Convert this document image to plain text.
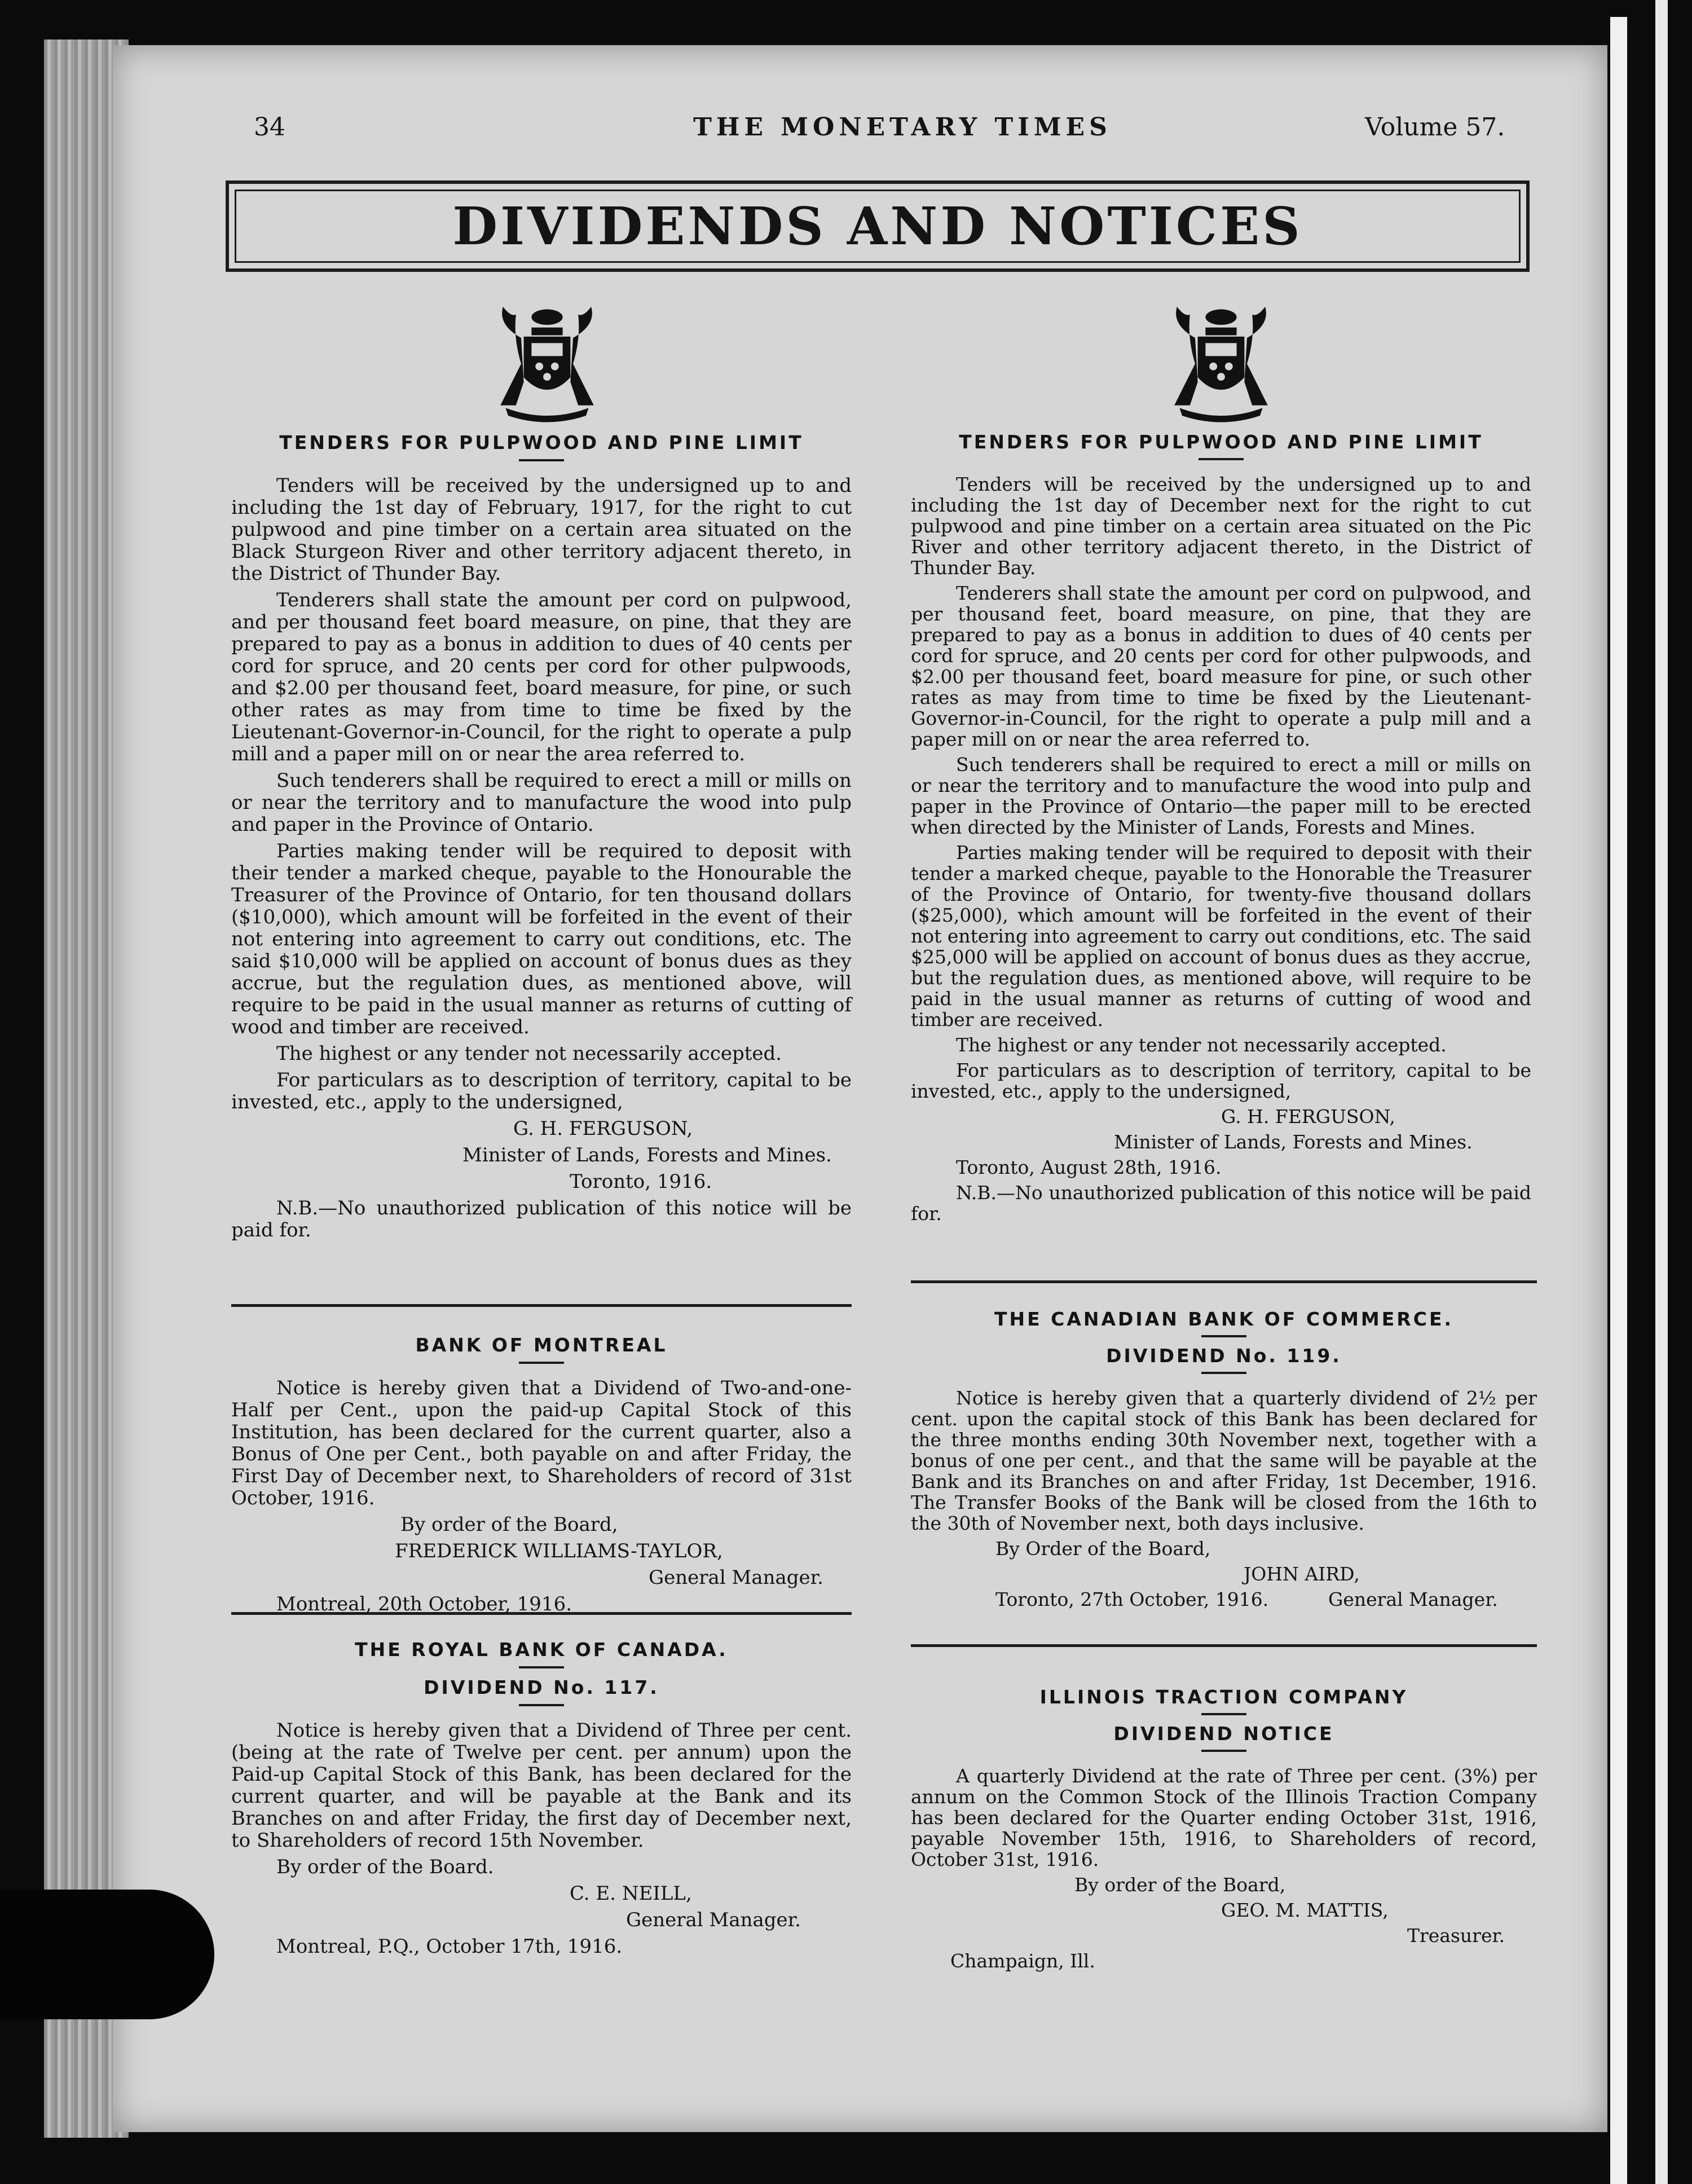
34	THE MONETARY TIMES	Volume 57.
DIVIDENDS AND NOTICES

TENDERS FOR PULPWOOD AND PINE LIMIT

Tenders will be received by the undersigned up to and including the 1st day of February, 1917, for the right to cut pulpwood and pine timber on a certain area situated on the Black Sturgeon River and other territory adjacent thereto, in the District of Thunder Bay.

Tenderers shall state the amount per cord on pulpwood, and per thousand feet board measure, on pine, that they are prepared to pay as a bonus in addition to dues of 40 cents per cord for spruce, and 20 cents per cord for other pulpwoods, and $2.00 per thousand feet, board measure, for pine, or such other rates as may from time to time be fixed by the Lieutenant-Governor-in-Council, for the right to operate a pulp mill and a paper mill on or near the area referred to.

Such tenderers shall be required to erect a mill or mills on or near the territory and to manufacture the wood into pulp and paper in the Province of Ontario.

Parties making tender will be required to deposit with their tender a marked cheque, payable to the Honourable the Treasurer of the Province of Ontario, for ten thousand dollars ($10,000), which amount will be forfeited in the event of their not entering into agreement to carry out conditions, etc. The said $10,000 will be applied on account of bonus dues as they accrue, but the regulation dues, as mentioned above, will require to be paid in the usual manner as returns of cutting of wood and timber are received.

The highest or any tender not necessarily accepted.

For particulars as to description of territory, capital to be invested, etc., apply to the undersigned,

G. H. FERGUSON,

Minister of Lands, Forests and Mines.

Toronto, 1916.

N.B.—No unauthorized publication of this notice will be paid for.

TENDERS FOR PULPWOOD AND PINE LIMIT

Tenders will be received by the undersigned up to and including the 1st day of December next for the right to cut pulpwood and pine timber on a certain area situated on the Pic River and other territory adjacent thereto, in the District of Thunder Bay.

Tenderers shall state the amount per cord on pulpwood, and per thousand feet, board measure, on pine, that they are prepared to pay as a bonus in addition to dues of 40 cents per cord for spruce, and 20 cents per cord for other pulpwoods, and $2.00 per thousand feet, board measure for pine, or such other rates as may from time to time be fixed by the Lieutenant-Governor-in-Council, for the right to operate a pulp mill and a paper mill on or near the area referred to.

Such tenderers shall be required to erect a mill or mills on or near the territory and to manufacture the wood into pulp and paper in the Province of Ontario—the paper mill to be erected when directed by the Minister of Lands, Forests and Mines.

Parties making tender will be required to deposit with their tender a marked cheque, payable to the Honorable the Treasurer of the Province of Ontario, for twenty-five thousand dollars ($25,000), which amount will be forfeited in the event of their not entering into agreement to carry out conditions, etc. The said $25,000 will be applied on account of bonus dues as they accrue, but the regulation dues, as mentioned above, will require to be paid in the usual manner as returns of cutting of wood and timber are received.

The highest or any tender not necessarily accepted.

For particulars as to description of territory, capital to be invested, etc., apply to the undersigned,

G. H. FERGUSON,

Minister of Lands, Forests and Mines.

Toronto, August 28th, 1916.

N.B.—No unauthorized publication of this notice will be paid for.

BANK OF MONTREAL

Notice is hereby given that a Dividend of Two-and-one-Half per Cent., upon the paid-up Capital Stock of this Institution, has been declared for the current quarter, also a Bonus of One per Cent., both payable on and after Friday, the First Day of December next, to Shareholders of record of 31st October, 1916.

By order of the Board,

FREDERICK WILLIAMS-TAYLOR,

General Manager.

Montreal, 20th October, 1916.

THE ROYAL BANK OF CANADA.

DIVIDEND No. 117.

Notice is hereby given that a Dividend of Three per cent. (being at the rate of Twelve per cent. per annum) upon the Paid-up Capital Stock of this Bank, has been declared for the current quarter, and will be payable at the Bank and its Branches on and after Friday, the first day of December next, to Shareholders of record 15th November.

By order of the Board.

C. E. NEILL,

General Manager.

Montreal, P.Q., October 17th, 1916.

THE CANADIAN BANK OF COMMERCE.

DIVIDEND No. 119.

Notice is hereby given that a quarterly dividend of 2½ per cent. upon the capital stock of this Bank has been declared for the three months ending 30th November next, together with a bonus of one per cent., and that the same will be payable at the Bank and its Branches on and after Friday, 1st December, 1916. The Transfer Books of the Bank will be closed from the 16th to the 30th of November next, both days inclusive.

By Order of the Board,

JOHN AIRD,

Toronto, 27th October, 1916.	General Manager.

ILLINOIS TRACTION COMPANY

DIVIDEND NOTICE

A quarterly Dividend at the rate of Three per cent. (3%) per annum on the Common Stock of the Illinois Traction Company has been declared for the Quarter ending October 31st, 1916, payable November 15th, 1916, to Shareholders of record, October 31st, 1916.

By order of the Board,

GEO. M. MATTIS,

Treasurer.

Champaign, Ill.
